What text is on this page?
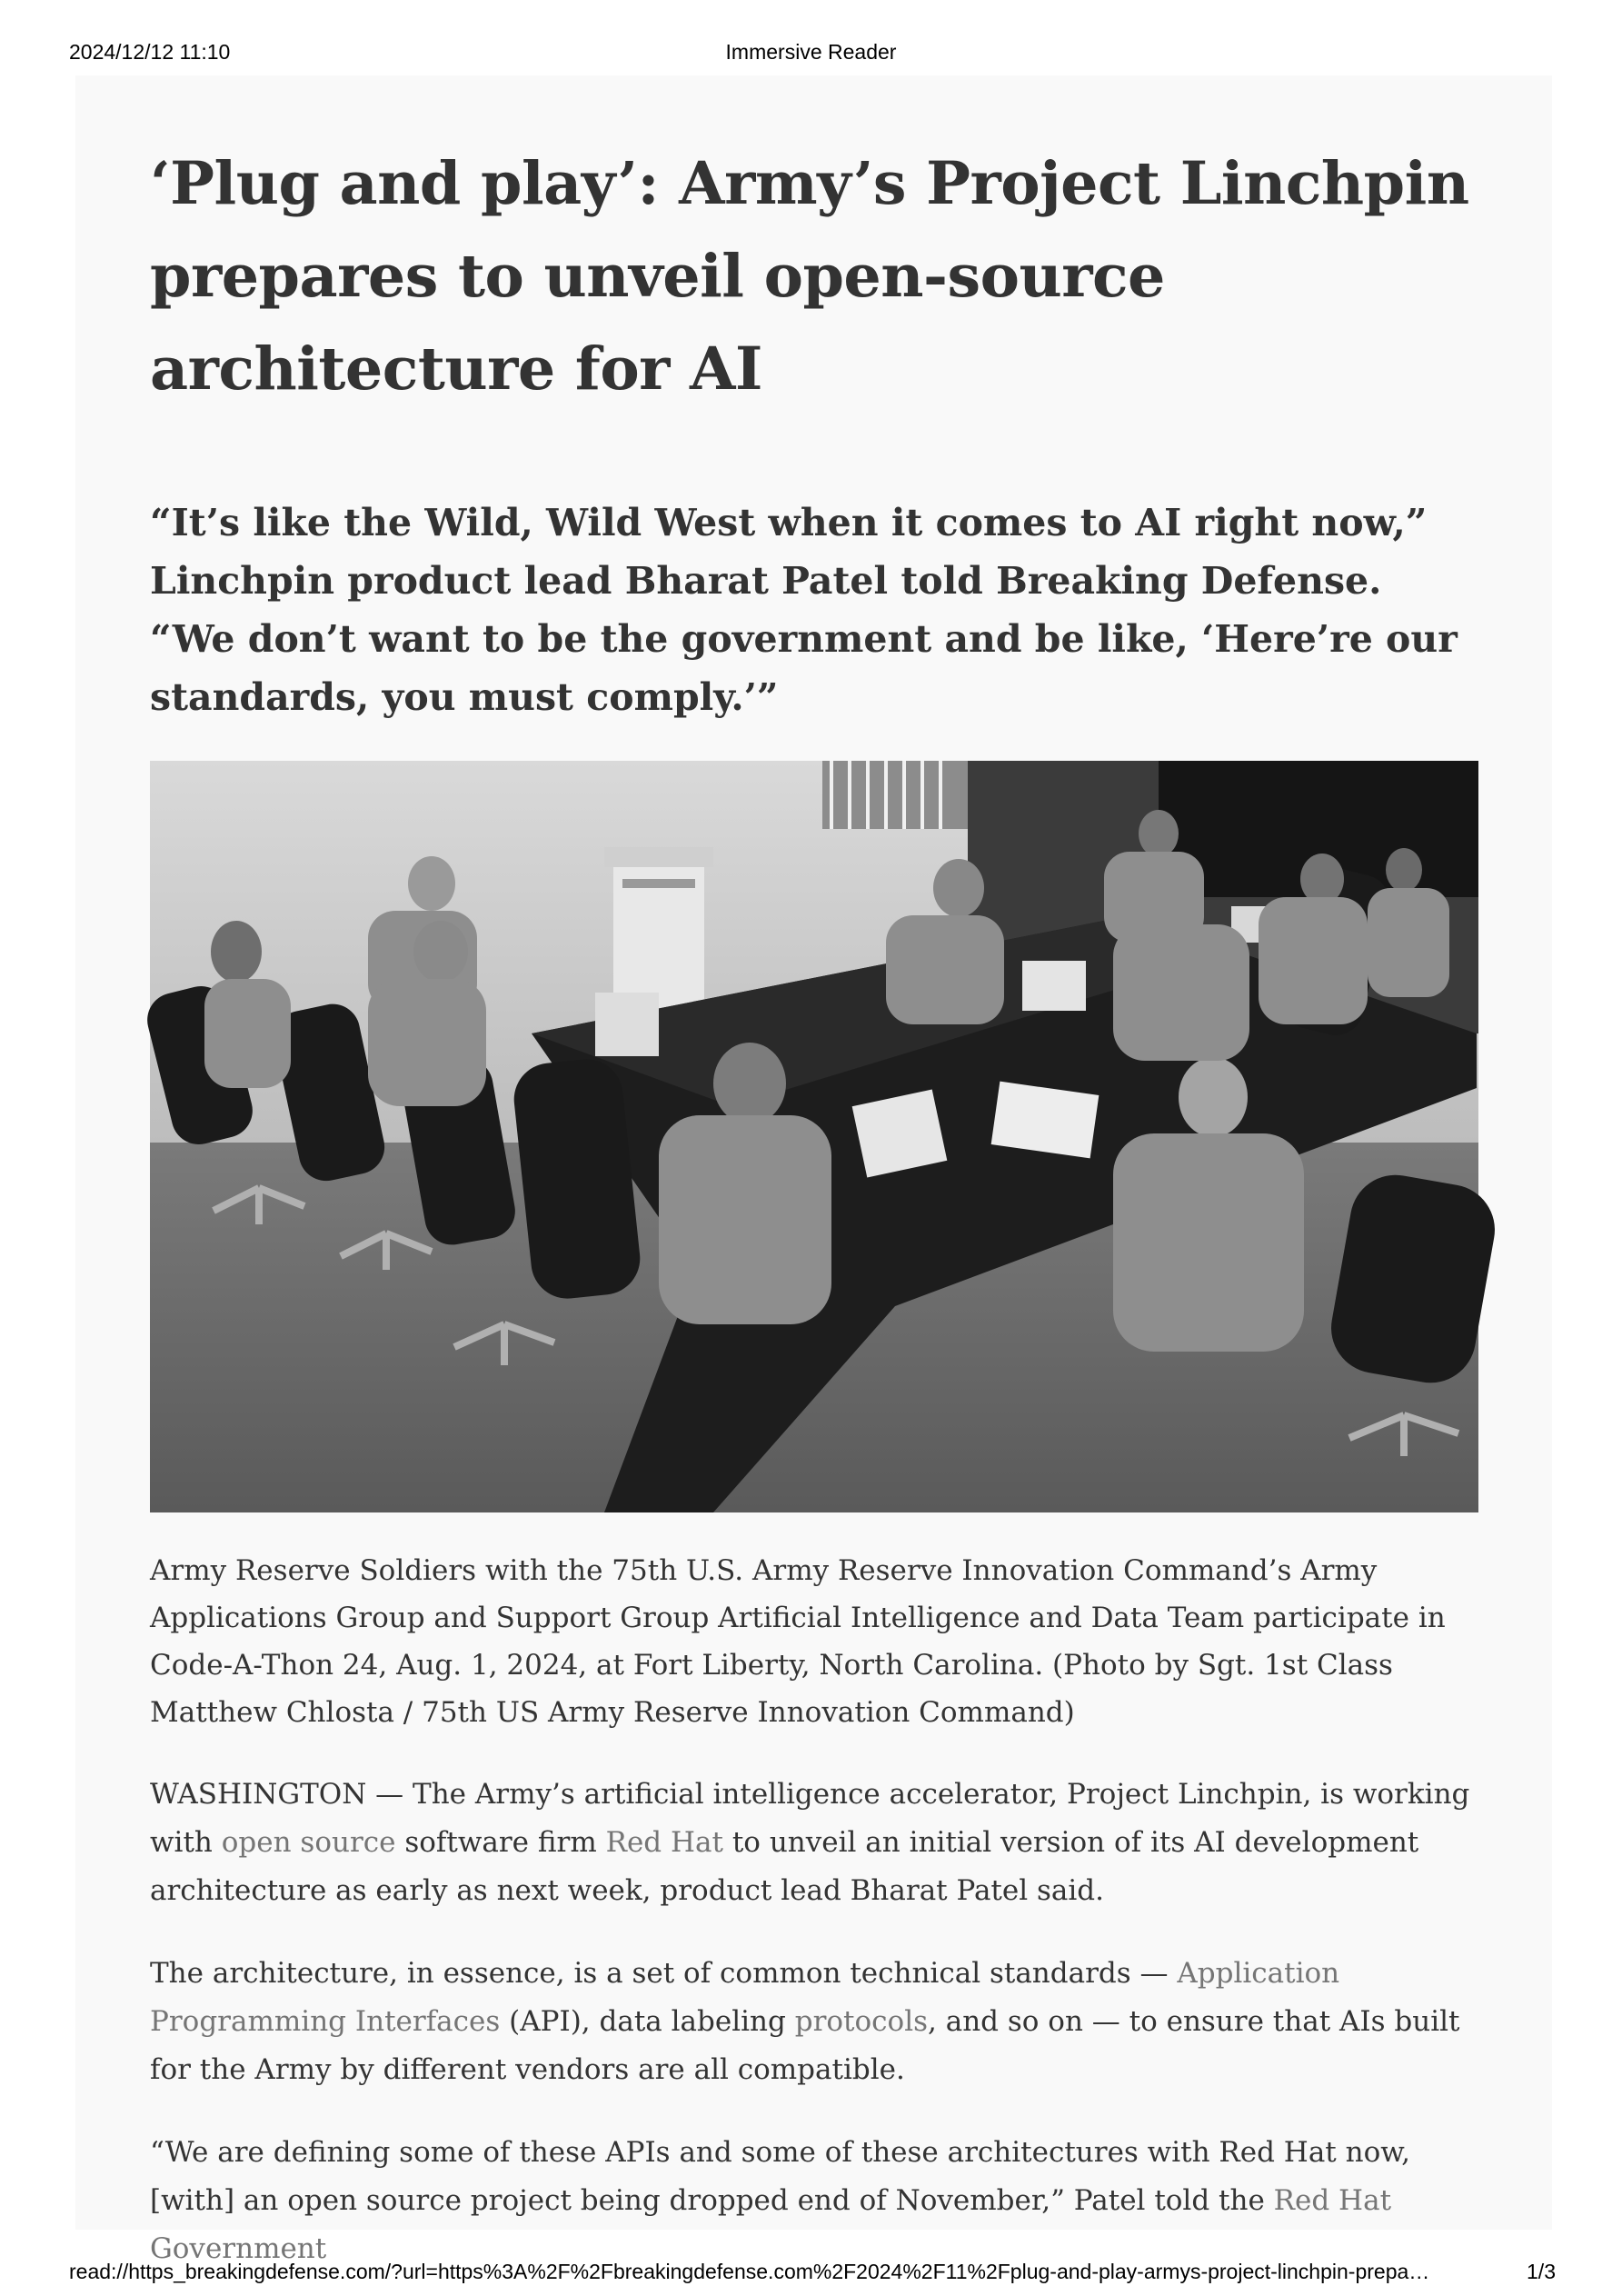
2024/12/12 11:10	Immersive Reader
‘Plug and play’: Army’s Project Linchpin prepares to unveil open-source architecture for AI

“It’s like the Wild, Wild West when it comes to AI right now,” Linchpin product lead Bharat Patel told Breaking Defense. “We don’t want to be the government and be like, ‘Here’re our standards, you must comply.’”

Army Reserve Soldiers with the 75th U.S. Army Reserve Innovation Command’s Army Applications Group and Support Group Artificial Intelligence and Data Team participate in Code-A-Thon 24, Aug. 1, 2024, at Fort Liberty, North Carolina. (Photo by Sgt. 1st Class Matthew Chlosta / 75th US Army Reserve Innovation Command)

WASHINGTON — The Army’s artificial intelligence accelerator, Project Linchpin, is working with open source software firm Red Hat to unveil an initial version of its AI development architecture as early as next week, product lead Bharat Patel said.

The architecture, in essence, is a set of common technical standards — Application Programming Interfaces (API), data labeling protocols, and so on — to ensure that AIs built for the Army by different vendors are all compatible.

“We are defining some of these APIs and some of these architectures with Red Hat now, [with] an open source project being dropped end of November,” Patel told the Red Hat Government

read://https_breakingdefense.com/?url=https%3A%2F%2Fbreakingdefense.com%2F2024%2F11%2Fplug-and-play-armys-project-linchpin-prepa…	1/3
